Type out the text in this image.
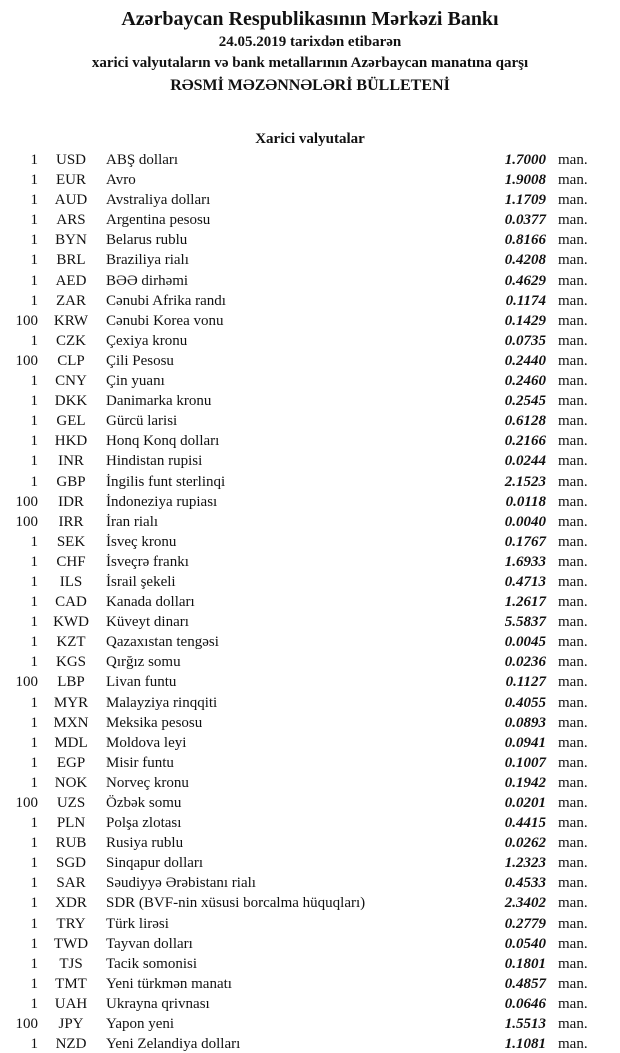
Azərbaycan Respublikasının Mərkəzi Bankı
24.05.2019 tarixdən etibarən
xarici valyutaların və bank metallarının Azərbaycan manatına qarşı
RƏSMİ MƏZƏNNƏLƏRİ BÜLLETENİ
Xarici valyutalar
1	USD	ABŞ dolları	1.7000 man.
1	EUR	Avro	1.9008 man.
1	AUD	Avstraliya dolları	1.1709 man.
1	ARS	Argentina pesosu	0.0377 man.
1	BYN	Belarus rublu	0.8166 man.
1	BRL	Braziliya rialı	0.4208 man.
1	AED	BƏƏ dirhəmi	0.4629 man.
1	ZAR	Cənubi Afrika randı	0.1174 man.
100	KRW	Cənubi Korea vonu	0.1429 man.
1	CZK	Çexiya kronu	0.0735 man.
100	CLP	Çili Pesosu	0.2440 man.
1	CNY	Çin yuanı	0.2460 man.
1	DKK	Danimarka kronu	0.2545 man.
1	GEL	Gürcü larisi	0.6128 man.
1	HKD	Honq Konq dolları	0.2166 man.
1	INR	Hindistan rupisi	0.0244 man.
1	GBP	İngilis funt sterlinqi	2.1523 man.
100	IDR	İndoneziya rupiası	0.0118 man.
100	IRR	İran rialı	0.0040 man.
1	SEK	İsveç kronu	0.1767 man.
1	CHF	İsveçrə frankı	1.6933 man.
1	ILS	İsrail şekeli	0.4713 man.
1	CAD	Kanada dolları	1.2617 man.
1	KWD	Küveyt dinarı	5.5837 man.
1	KZT	Qazaxıstan tengəsi	0.0045 man.
1	KGS	Qırğız somu	0.0236 man.
100	LBP	Livan funtu	0.1127 man.
1	MYR	Malayziya rinqqiti	0.4055 man.
1	MXN	Meksika pesosu	0.0893 man.
1	MDL	Moldova leyi	0.0941 man.
1	EGP	Misir funtu	0.1007 man.
1	NOK	Norveç kronu	0.1942 man.
100	UZS	Özbək somu	0.0201 man.
1	PLN	Polşa zlotası	0.4415 man.
1	RUB	Rusiya rublu	0.0262 man.
1	SGD	Sinqapur dolları	1.2323 man.
1	SAR	Səudiyyə Ərəbistanı rialı	0.4533 man.
1	XDR	SDR (BVF-nin xüsusi borcalma hüquqları)	2.3402 man.
1	TRY	Türk lirəsi	0.2779 man.
1	TWD	Tayvan dolları	0.0540 man.
1	TJS	Tacik somonisi	0.1801 man.
1	TMT	Yeni türkmən manatı	0.4857 man.
1	UAH	Ukrayna qrivnası	0.0646 man.
100	JPY	Yapon yeni	1.5513 man.
1	NZD	Yeni Zelandiya dolları	1.1081 man.
